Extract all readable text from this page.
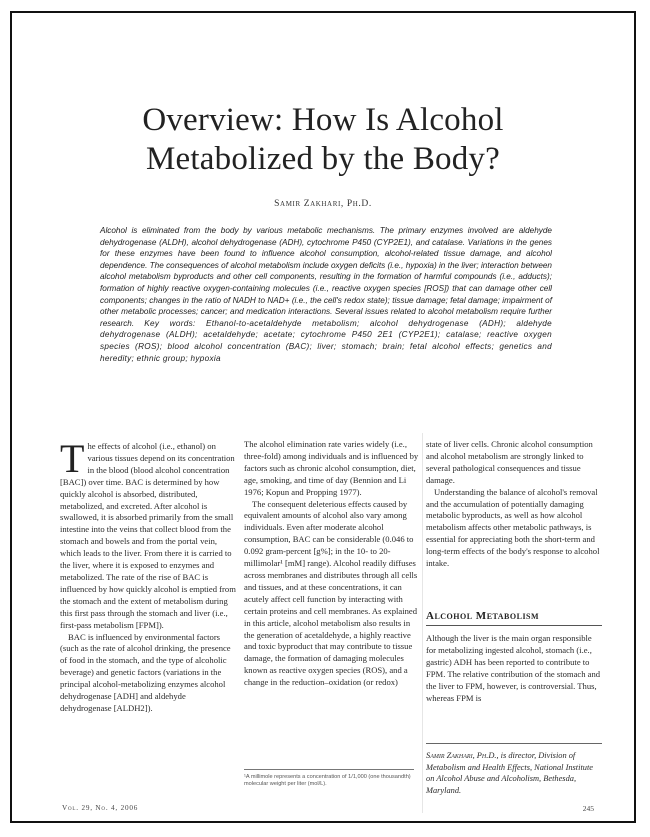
Overview: How Is Alcohol
Metabolized by the Body?
Samir Zakhari, Ph.D.
Alcohol is eliminated from the body by various metabolic mechanisms. The primary enzymes involved are aldehyde dehydrogenase (ALDH), alcohol dehydrogenase (ADH), cytochrome P450 (CYP2E1), and catalase. Variations in the genes for these enzymes have been found to influence alcohol consumption, alcohol-related tissue damage, and alcohol dependence. The consequences of alcohol metabolism include oxygen deficits (i.e., hypoxia) in the liver; interaction between alcohol metabolism byproducts and other cell components, resulting in the formation of harmful compounds (i.e., adducts); formation of highly reactive oxygen-containing molecules (i.e., reactive oxygen species [ROS]) that can damage other cell components; changes in the ratio of NADH to NAD+ (i.e., the cell's redox state); tissue damage; fetal damage; impairment of other metabolic processes; cancer; and medication interactions. Several issues related to alcohol metabolism require further research. Key words: Ethanol-to-acetaldehyde metabolism; alcohol dehydrogenase (ADH); aldehyde dehydrogenase (ALDH); acetaldehyde; acetate; cytochrome P450 2E1 (CYP2E1); catalase; reactive oxygen species (ROS); blood alcohol concentration (BAC); liver; stomach; brain; fetal alcohol effects; genetics and heredity; ethnic group; hypoxia

The effects of alcohol (i.e., ethanol) on various tissues depend on its concentration in the blood (blood alcohol concentration [BAC]) over time. BAC is determined by how quickly alcohol is absorbed, distributed, metabolized, and excreted. After alcohol is swallowed, it is absorbed primarily from the small intestine into the veins that collect blood from the stomach and bowels and from the portal vein, which leads to the liver. From there it is carried to the liver, where it is exposed to enzymes and metabolized. The rate of the rise of BAC is influenced by how quickly alcohol is emptied from the stomach and the extent of metabolism during this first pass through the stomach and liver (i.e., first-pass metabolism [FPM]).

BAC is influenced by environmental factors (such as the rate of alcohol drinking, the presence of food in the stomach, and the type of alcoholic beverage) and genetic factors (variations in the principal alcohol-metabolizing enzymes alcohol dehydrogenase [ADH] and aldehyde dehydrogenase [ALDH2]).

The alcohol elimination rate varies widely (i.e., three-fold) among individuals and is influenced by factors such as chronic alcohol consumption, diet, age, smoking, and time of day (Bennion and Li 1976; Kopun and Propping 1977).

The consequent deleterious effects caused by equivalent amounts of alcohol also vary among individuals. Even after moderate alcohol consumption, BAC can be considerable (0.046 to 0.092 gram-percent [g%]; in the 10- to 20-millimolar¹ [mM] range). Alcohol readily diffuses across membranes and distributes through all cells and tissues, and at these concentrations, it can acutely affect cell function by interacting with certain proteins and cell membranes. As explained in this article, alcohol metabolism also results in the generation of acetaldehyde, a highly reactive and toxic byproduct that may contribute to tissue damage, the formation of damaging molecules known as reactive oxygen species (ROS), and a change in the reduction–oxidation (or redox)

¹A millimole represents a concentration of 1/1,000 (one thousandth) molecular weight per liter (mol/L).

state of liver cells. Chronic alcohol consumption and alcohol metabolism are strongly linked to several pathological consequences and tissue damage.

Understanding the balance of alcohol's removal and the accumulation of potentially damaging metabolic byproducts, as well as how alcohol metabolism affects other metabolic pathways, is essential for appreciating both the short-term and long-term effects of the body's response to alcohol intake.

Alcohol Metabolism

Although the liver is the main organ responsible for metabolizing ingested alcohol, stomach (i.e., gastric) ADH has been reported to contribute to FPM. The relative contribution of the stomach and the liver to FPM, however, is controversial. Thus, whereas FPM is

Samir Zakhari, Ph.D., is director, Division of Metabolism and Health Effects, National Institute on Alcohol Abuse and Alcoholism, Bethesda, Maryland.
Vol. 29, No. 4, 2006	245
